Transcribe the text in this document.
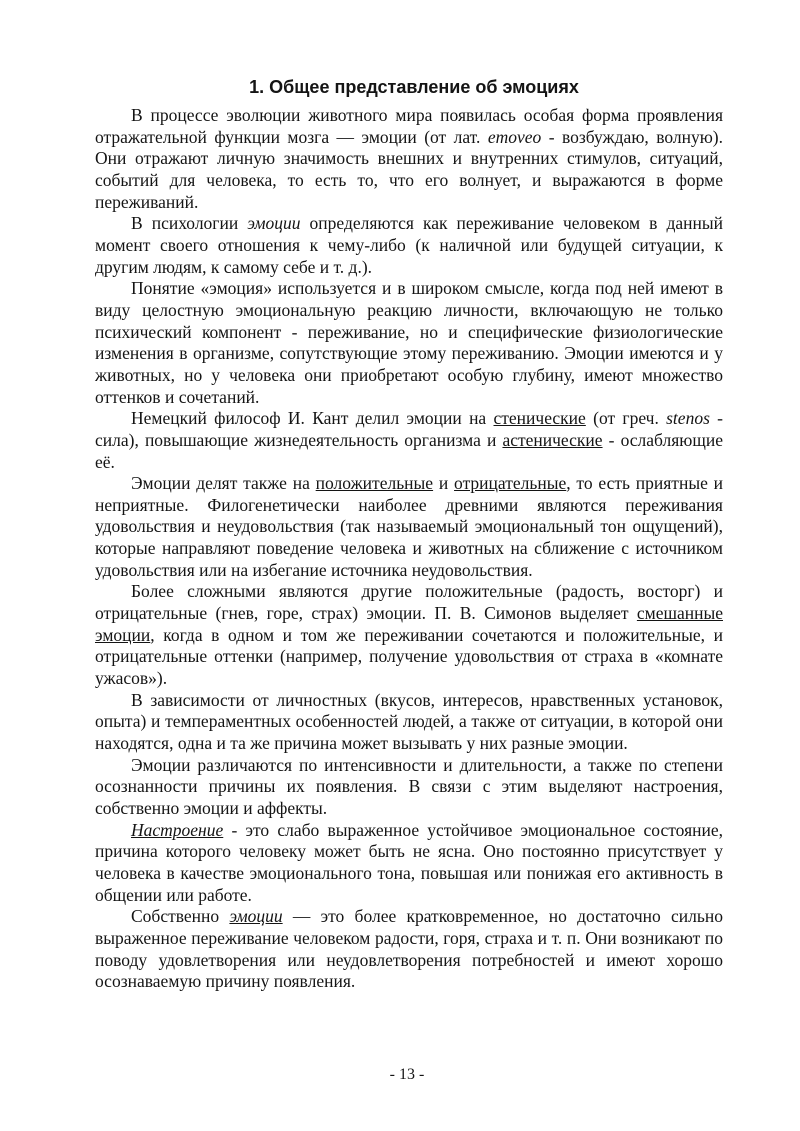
1. Общее представление об эмоциях

В процессе эволюции животного мира появилась особая форма проявления отражательной функции мозга — эмоции (от лат. emoveo - возбуждаю, волную). Они отражают личную значимость внешних и внутренних стимулов, ситуаций, событий для человека, то есть то, что его волнует, и выражаются в форме переживаний.

В психологии эмоции определяются как переживание человеком в данный момент своего отношения к чему-либо (к наличной или будущей ситуации, к другим людям, к самому себе и т. д.).

Понятие «эмоция» используется и в широком смысле, когда под ней имеют в виду целостную эмоциональную реакцию личности, включающую не только психический компонент - переживание, но и специфические физиологические изменения в организме, сопутствующие этому переживанию. Эмоции имеются и у животных, но у человека они приобретают особую глубину, имеют множество оттенков и сочетаний.

Немецкий философ И. Кант делил эмоции на стенические (от греч. stenos - сила), повышающие жизнедеятельность организма и астенические - ослабляющие её.

Эмоции делят также на положительные и отрицательные, то есть приятные и неприятные. Филогенетически наиболее древними являются переживания удовольствия и неудовольствия (так называемый эмоциональный тон ощущений), которые направляют поведение человека и животных на сближение с источником удовольствия или на избегание источника неудовольствия.

Более сложными являются другие положительные (радость, восторг) и отрицательные (гнев, горе, страх) эмоции. П. В. Симонов выделяет смешанные эмоции, когда в одном и том же переживании сочетаются и положительные, и отрицательные оттенки (например, получение удовольствия от страха в «комнате ужасов»).

В зависимости от личностных (вкусов, интересов, нравственных установок, опыта) и темпераментных особенностей людей, а также от ситуации, в которой они находятся, одна и та же причина может вызывать у них разные эмоции.

Эмоции различаются по интенсивности и длительности, а также по степени осознанности причины их появления. В связи с этим выделяют настроения, собственно эмоции и аффекты.

Настроение - это слабо выраженное устойчивое эмоциональное состояние, причина которого человеку может быть не ясна. Оно постоянно присутствует у человека в качестве эмоционального тона, повышая или понижая его активность в общении или работе.

Собственно эмоции — это более кратковременное, но достаточно сильно выраженное переживание человеком радости, горя, страха и т. п. Они возникают по поводу удовлетворения или неудовлетворения потребностей и имеют хорошо осознаваемую причину появления.

- 13 -
